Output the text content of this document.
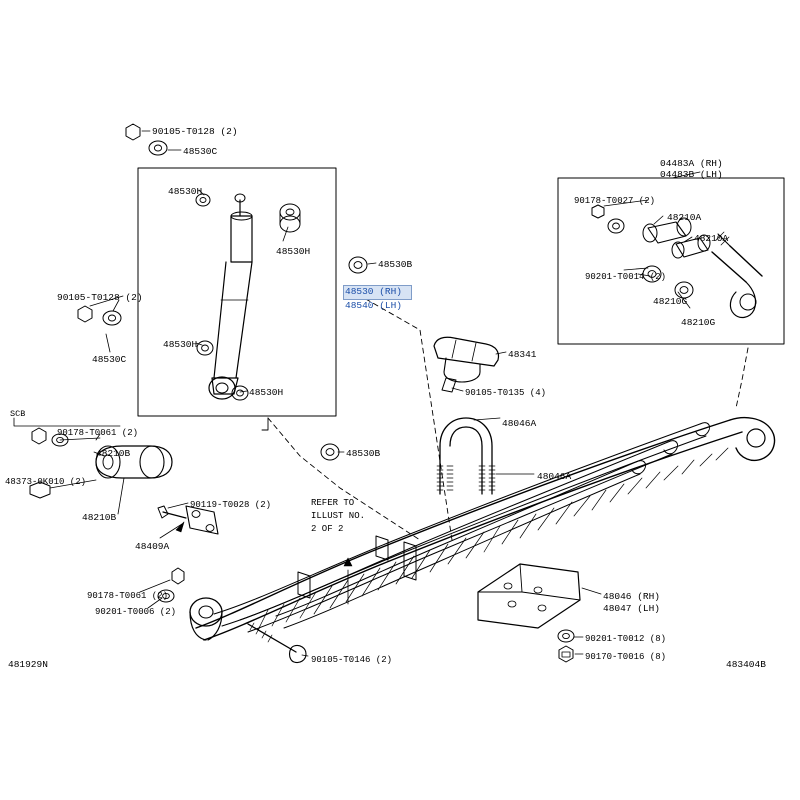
90105-T0128 (2)
48530C
48530H
48530H
48530B
90105-T0128 (2)
48530H
48530C
48530H
48530B
04483A (RH)
04483B (LH)
90178-T0027 (2)
48210A
48210A
90201-T0014 (2)
48210G
48210G
48341
90105-T0135 (4)
48046A
48046A
90178-T0061 (2)
48210B
48373-0K010 (2)
48210B
90119-T0028 (2)
48409A
90178-T0061 (2)
90201-T0006 (2)
90105-T0146 (2)
48046 (RH)
48047 (LH)
90201-T0012 (8)
90170-T0016 (8)
SCB
REFER TO
ILLUST NO.
2 OF 2
48530 (RH)
48540 (LH)
481929N	483404B
